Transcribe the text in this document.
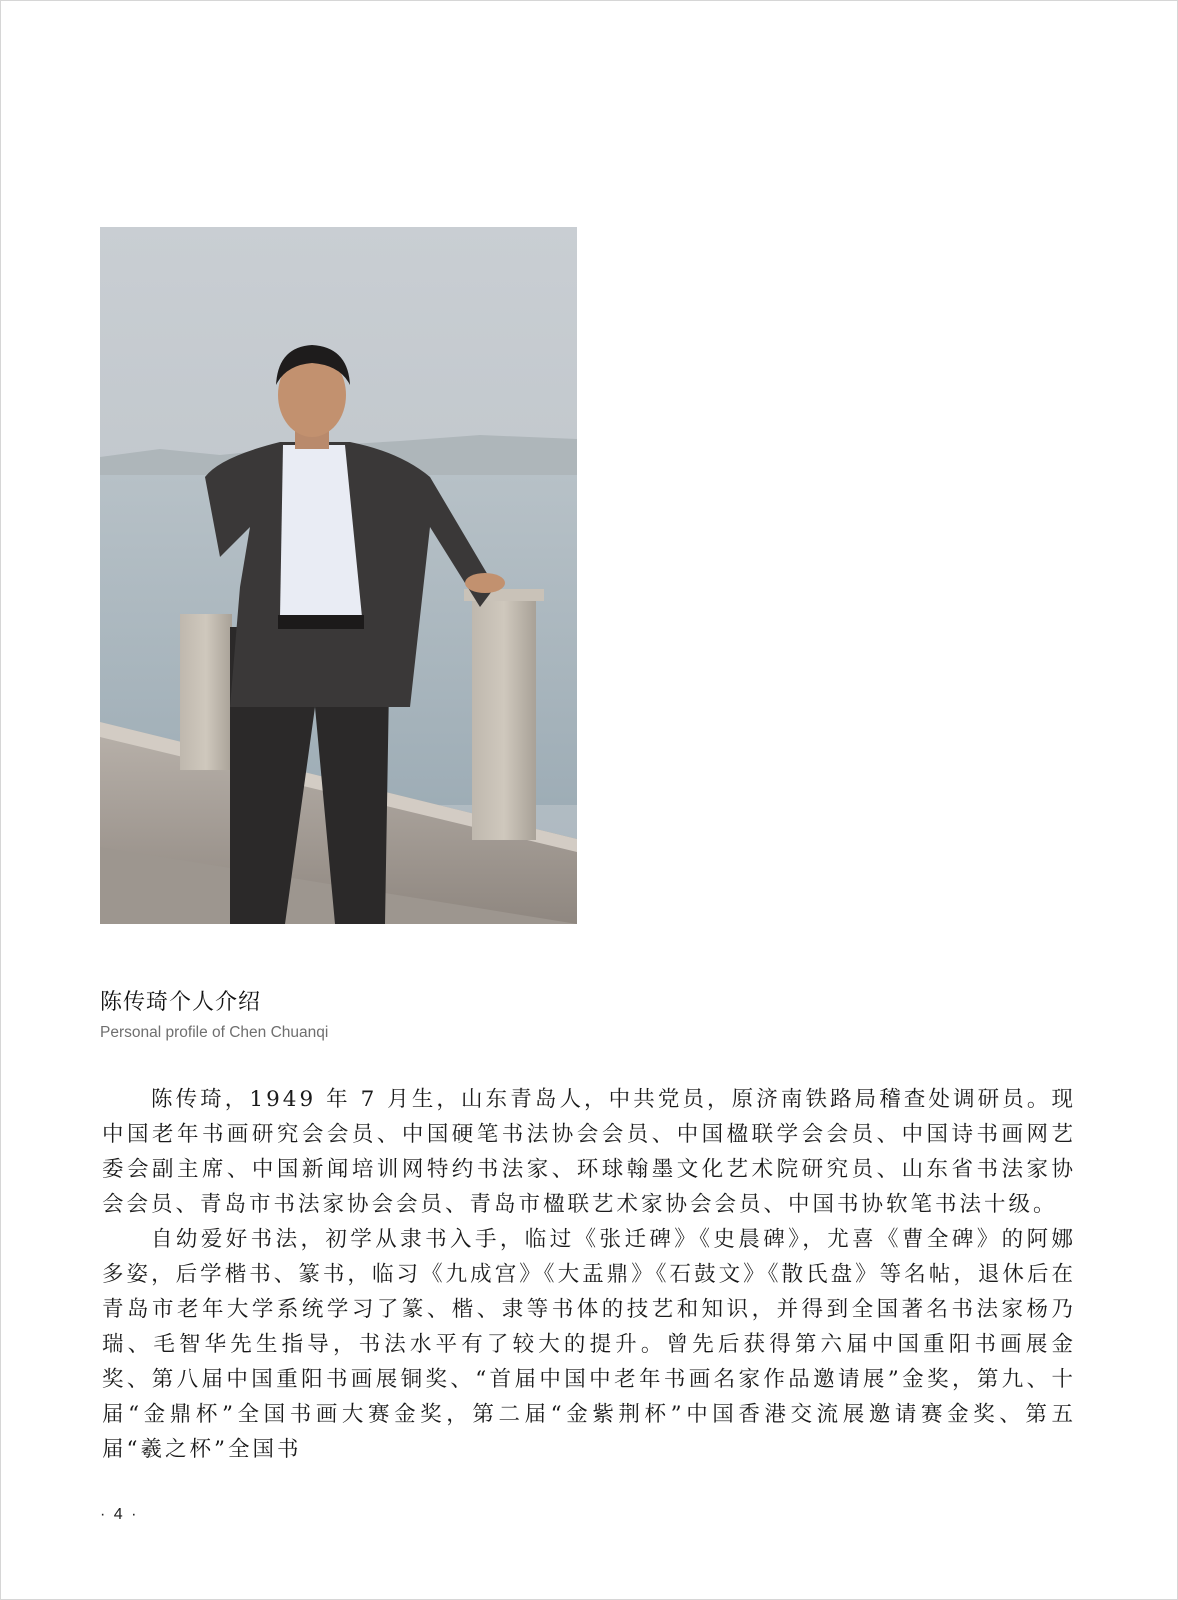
陈传琦个人介绍
Personal profile of Chen Chuanqi

陈传琦，1949 年 7 月生，山东青岛人，中共党员，原济南铁路局稽查处调研员。现中国老年书画研究会会员、中国硬笔书法协会会员、中国楹联学会会员、中国诗书画网艺委会副主席、中国新闻培训网特约书法家、环球翰墨文化艺术院研究员、山东省书法家协会会员、青岛市书法家协会会员、青岛市楹联艺术家协会会员、中国书协软笔书法十级。

自幼爱好书法，初学从隶书入手，临过《张迁碑》《史晨碑》，尤喜《曹全碑》的阿娜多姿，后学楷书、篆书，临习《九成宫》《大盂鼎》《石鼓文》《散氏盘》等名帖，退休后在青岛市老年大学系统学习了篆、楷、隶等书体的技艺和知识，并得到全国著名书法家杨乃瑞、毛智华先生指导，书法水平有了较大的提升。曾先后获得第六届中国重阳书画展金奖、第八届中国重阳书画展铜奖、“首届中国中老年书画名家作品邀请展”金奖，第九、十届“金鼎杯”全国书画大赛金奖，第二届“金紫荆杯”中国香港交流展邀请赛金奖、第五届“羲之杯”全国书

· 4 ·
